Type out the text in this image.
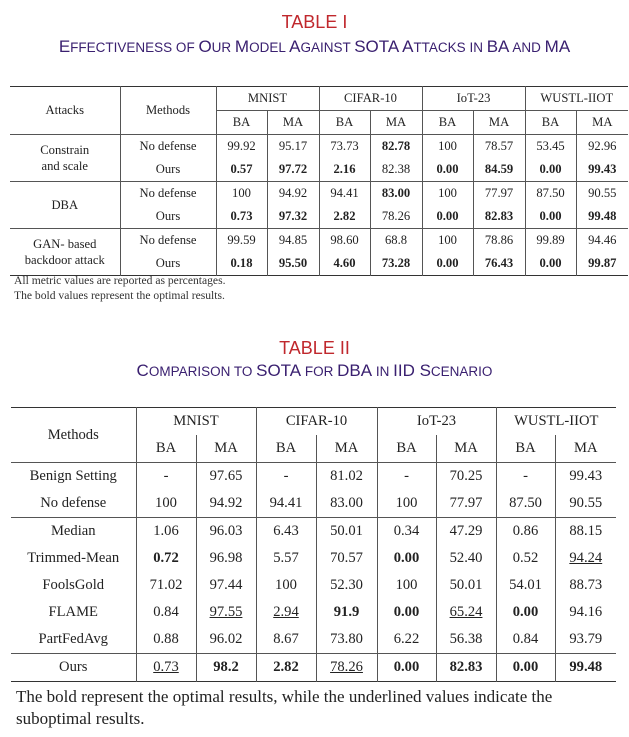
TABLE I
EFFECTIVENESS OF OUR MODEL AGAINST SOTA ATTACKS IN BA AND MA
Attacks	Methods	MNIST		CIFAR-10		IoT-23		WUSTL-IIOT	
		BA	MA	BA	MA	BA	MA	BA	MA

Constrain
and scale	No defense	99.92	95.17	73.73	82.78	100	78.57	53.45	92.96
	Ours	0.57	97.72	2.16	82.38	0.00	84.59	0.00	99.43

DBA	No defense	100	94.92	94.41	83.00	100	77.97	87.50	90.55
	Ours	0.73	97.32	2.82	78.26	0.00	82.83	0.00	99.48

GAN- based
backdoor attack	No defense	99.59	94.85	98.60	68.8	100	78.86	99.89	94.46
	Ours	0.18	95.50	4.60	73.28	0.00	76.43	0.00	99.87
All metric values are reported as percentages.
The bold values represent the optimal results.
TABLE II
COMPARISON TO SOTA FOR DBA IN IID SCENARIO
Methods	MNIST		CIFAR-10		IoT-23		WUSTL-IIOT	
	BA	MA	BA	MA	BA	MA	BA	MA
Benign Setting	-	97.65	-	81.02	-	70.25	-	99.43
No defense	100	94.92	94.41	83.00	100	77.97	87.50	90.55
Median	1.06	96.03	6.43	50.01	0.34	47.29	0.86	88.15
Trimmed-Mean	0.72	96.98	5.57	70.57	0.00	52.40	0.52	94.24
FoolsGold	71.02	97.44	100	52.30	100	50.01	54.01	88.73
FLAME	0.84	97.55	2.94	91.9	0.00	65.24	0.00	94.16
PartFedAvg	0.88	96.02	8.67	73.80	6.22	56.38	0.84	93.79
Ours	0.73	98.2	2.82	78.26	0.00	82.83	0.00	99.48
The bold represent the optimal results, while the underlined values indicate the suboptimal results.
